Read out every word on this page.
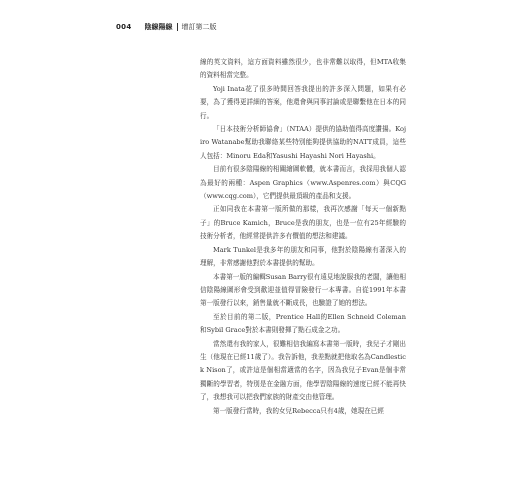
004 陰線陽線 增訂第二版

線的英文資料，這方面資料雖然很少，也非常難以取得，但MTA收集的資料相當完整。

Yoji Inata花了很多時間回答我提出的許多深入問題，如果有必要，為了獲得更詳細的答案，他還會與同事討論或是聯繫他在日本的同行。

「日本技術分析師協會」（NTAA）提供的協助值得高度讚揚。Kojiro Watanabe幫助我聯絡某些特別能夠提供協助的NATT成員，這些人包括：Minoru Eda和Yasushi Hayashi Nori Hayashi。

目前有很多陰陽線的相關繪圖軟體，就本書而言，我採用我個人認為最好的兩種：Aspen Graphics（www.Aspenres.com）與CQG（www.cqg.com），它們提供最頂級的產品和支援。

正如同我在本書第一版所做的那樣，我再次感謝「每天一個新點子」的Bruce Kamich，Bruce是我的朋友，也是一位有25年經驗的技術分析者，他經常提供許多有價值的想法和建議。

Mark Tunkel是我多年的朋友和同事，他對於陰陽線有著深入的理解，非常感謝他對於本書提供的幫助。

本書第一版的編輯Susan Barry很有遠見地說服我的老闆，讓他相信陰陽線圖形會受到歡迎並值得冒險發行一本專書。自從1991年本書第一版發行以來，銷售量就不斷成長，也驗證了她的想法。

至於目前的第二版，Prentice Hall的Ellen Schneid Coleman和Sybil Grace對於本書則發揮了點石成金之功。

當然還有我的家人，很難相信我編寫本書第一版時，我兒子才剛出生（他現在已經11歲了）。我告訴他，我差點就把他取名為Candlestick Nison了，或許這是個相當適當的名字，因為我兒子Evan是個非常獨斷的學習者，特別是在金融方面，他學習陰陽線的速度已經不能再快了，我想我可以把我們家族的財產交由他管理。

第一版發行當時，我的女兒Rebecca只有4歲，她現在已經
